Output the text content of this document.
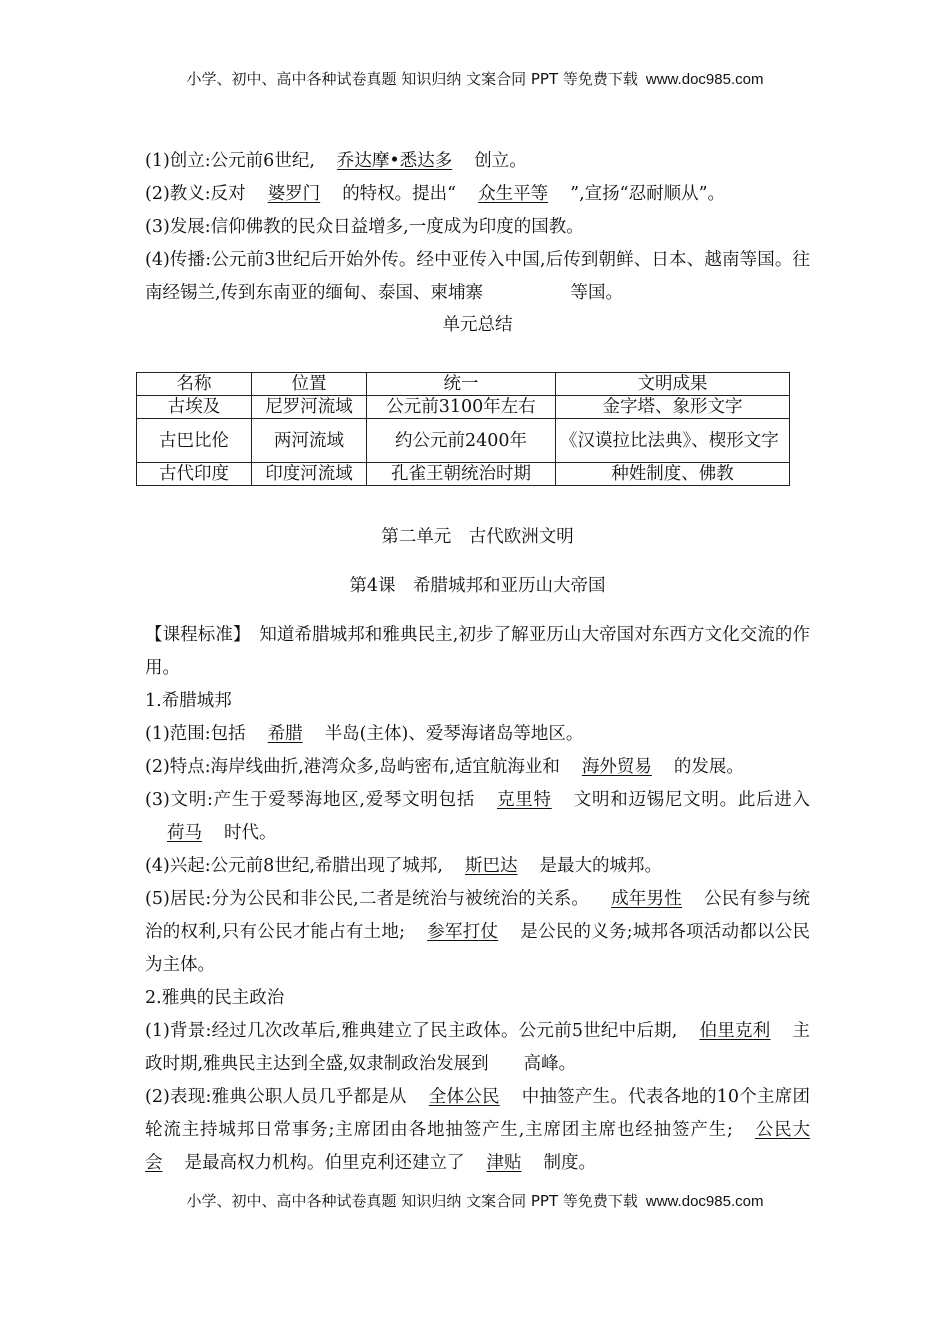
小学、初中、高中各种试卷真题 知识归纳 文案合同 PPT 等免费下载 www.doc985.com

(1)创立:公元前6世纪, 乔达摩•悉达多 创立。

(2)教义:反对 婆罗门 的特权。提出“ 众生平等 ”,宣扬“忍耐顺从”。

(3)发展:信仰佛教的民众日益增多,一度成为印度的国教。

(4)传播:公元前3世纪后开始外传。经中亚传入中国,后传到朝鲜、日本、越南等国。往南经锡兰,传到东南亚的缅甸、泰国、柬埔寨　　　　　等国。

单元总结

名称	位置	统一	文明成果
古埃及	尼罗河流域	公元前3100年左右	金字塔、象形文字
古巴比伦	两河流域	约公元前2400年	《汉谟拉比法典》、楔形文字
古代印度	印度河流域	孔雀王朝统治时期	种姓制度、佛教

第二单元　古代欧洲文明

第4课　希腊城邦和亚历山大帝国

【课程标准】　知道希腊城邦和雅典民主,初步了解亚历山大帝国对东西方文化交流的作用。

1.希腊城邦

(1)范围:包括 希腊 半岛(主体)、爱琴海诸岛等地区。

(2)特点:海岸线曲折,港湾众多,岛屿密布,适宜航海业和 海外贸易 的发展。

(3)文明:产生于爱琴海地区,爱琴文明包括 克里特 文明和迈锡尼文明。此后进入荷马 时代。

(4)兴起:公元前8世纪,希腊出现了城邦, 斯巴达 是最大的城邦。

(5)居民:分为公民和非公民,二者是统治与被统治的关系。 成年男性 公民有参与统治的权利,只有公民才能占有土地; 参军打仗 是公民的义务;城邦各项活动都以公民为主体。

2.雅典的民主政治

(1)背景:经过几次改革后,雅典建立了民主政体。公元前5世纪中后期, 伯里克利 主政时期,雅典民主达到全盛,奴隶制政治发展到　　高峰。

(2)表现:雅典公职人员几乎都是从 全体公民 中抽签产生。代表各地的10个主席团轮流主持城邦日常事务;主席团由各地抽签产生,主席团主席也经抽签产生; 公民大会 是最高权力机构。伯里克利还建立了 津贴 制度。

小学、初中、高中各种试卷真题 知识归纳 文案合同 PPT 等免费下载 www.doc985.com
